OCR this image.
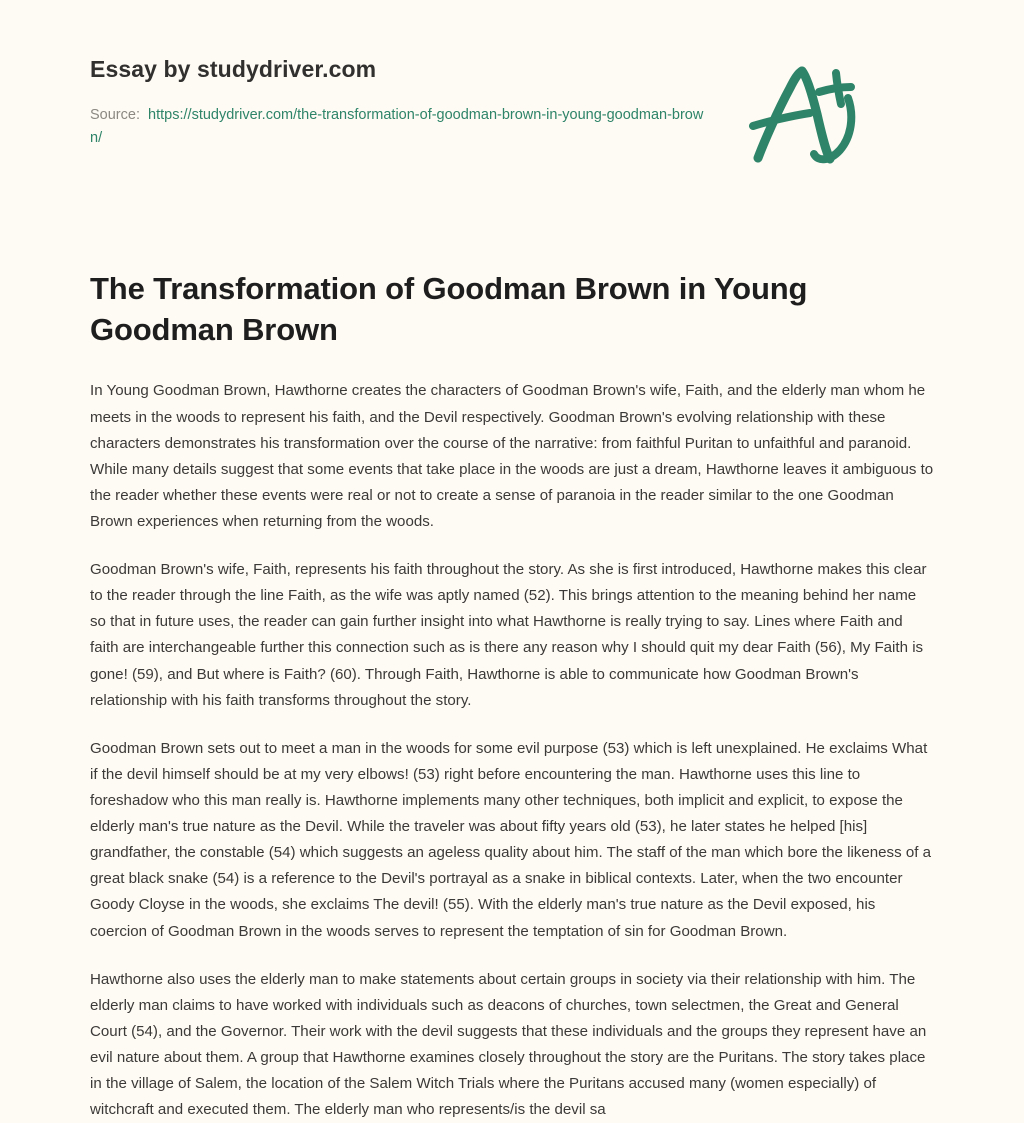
Essay by studydriver.com

Source: https://studydriver.com/the-transformation-of-goodman-brown-in-young-goodman-brown/

The Transformation of Goodman Brown in Young Goodman Brown

In Young Goodman Brown, Hawthorne creates the characters of Goodman Brown's wife, Faith, and the elderly man whom he meets in the woods to represent his faith, and the Devil respectively. Goodman Brown's evolving relationship with these characters demonstrates his transformation over the course of the narrative: from faithful Puritan to unfaithful and paranoid. While many details suggest that some events that take place in the woods are just a dream, Hawthorne leaves it ambiguous to the reader whether these events were real or not to create a sense of paranoia in the reader similar to the one Goodman Brown experiences when returning from the woods.

Goodman Brown's wife, Faith, represents his faith throughout the story. As she is first introduced, Hawthorne makes this clear to the reader through the line Faith, as the wife was aptly named (52). This brings attention to the meaning behind her name so that in future uses, the reader can gain further insight into what Hawthorne is really trying to say. Lines where Faith and faith are interchangeable further this connection such as is there any reason why I should quit my dear Faith (56), My Faith is gone! (59), and But where is Faith? (60). Through Faith, Hawthorne is able to communicate how Goodman Brown's relationship with his faith transforms throughout the story.

Goodman Brown sets out to meet a man in the woods for some evil purpose (53) which is left unexplained. He exclaims What if the devil himself should be at my very elbows! (53) right before encountering the man. Hawthorne uses this line to foreshadow who this man really is. Hawthorne implements many other techniques, both implicit and explicit, to expose the elderly man's true nature as the Devil. While the traveler was about fifty years old (53), he later states he helped [his] grandfather, the constable (54) which suggests an ageless quality about him. The staff of the man which bore the likeness of a great black snake (54) is a reference to the Devil's portrayal as a snake in biblical contexts. Later, when the two encounter Goody Cloyse in the woods, she exclaims The devil! (55). With the elderly man's true nature as the Devil exposed, his coercion of Goodman Brown in the woods serves to represent the temptation of sin for Goodman Brown.

Hawthorne also uses the elderly man to make statements about certain groups in society via their relationship with him. The elderly man claims to have worked with individuals such as deacons of churches, town selectmen, the Great and General Court (54), and the Governor. Their work with the devil suggests that these individuals and the groups they represent have an evil nature about them. A group that Hawthorne examines closely throughout the story are the Puritans. The story takes place in the village of Salem, the location of the Salem Witch Trials where the Puritans accused many (women especially) of witchcraft and executed them. The elderly man who represents/is the devil sa
